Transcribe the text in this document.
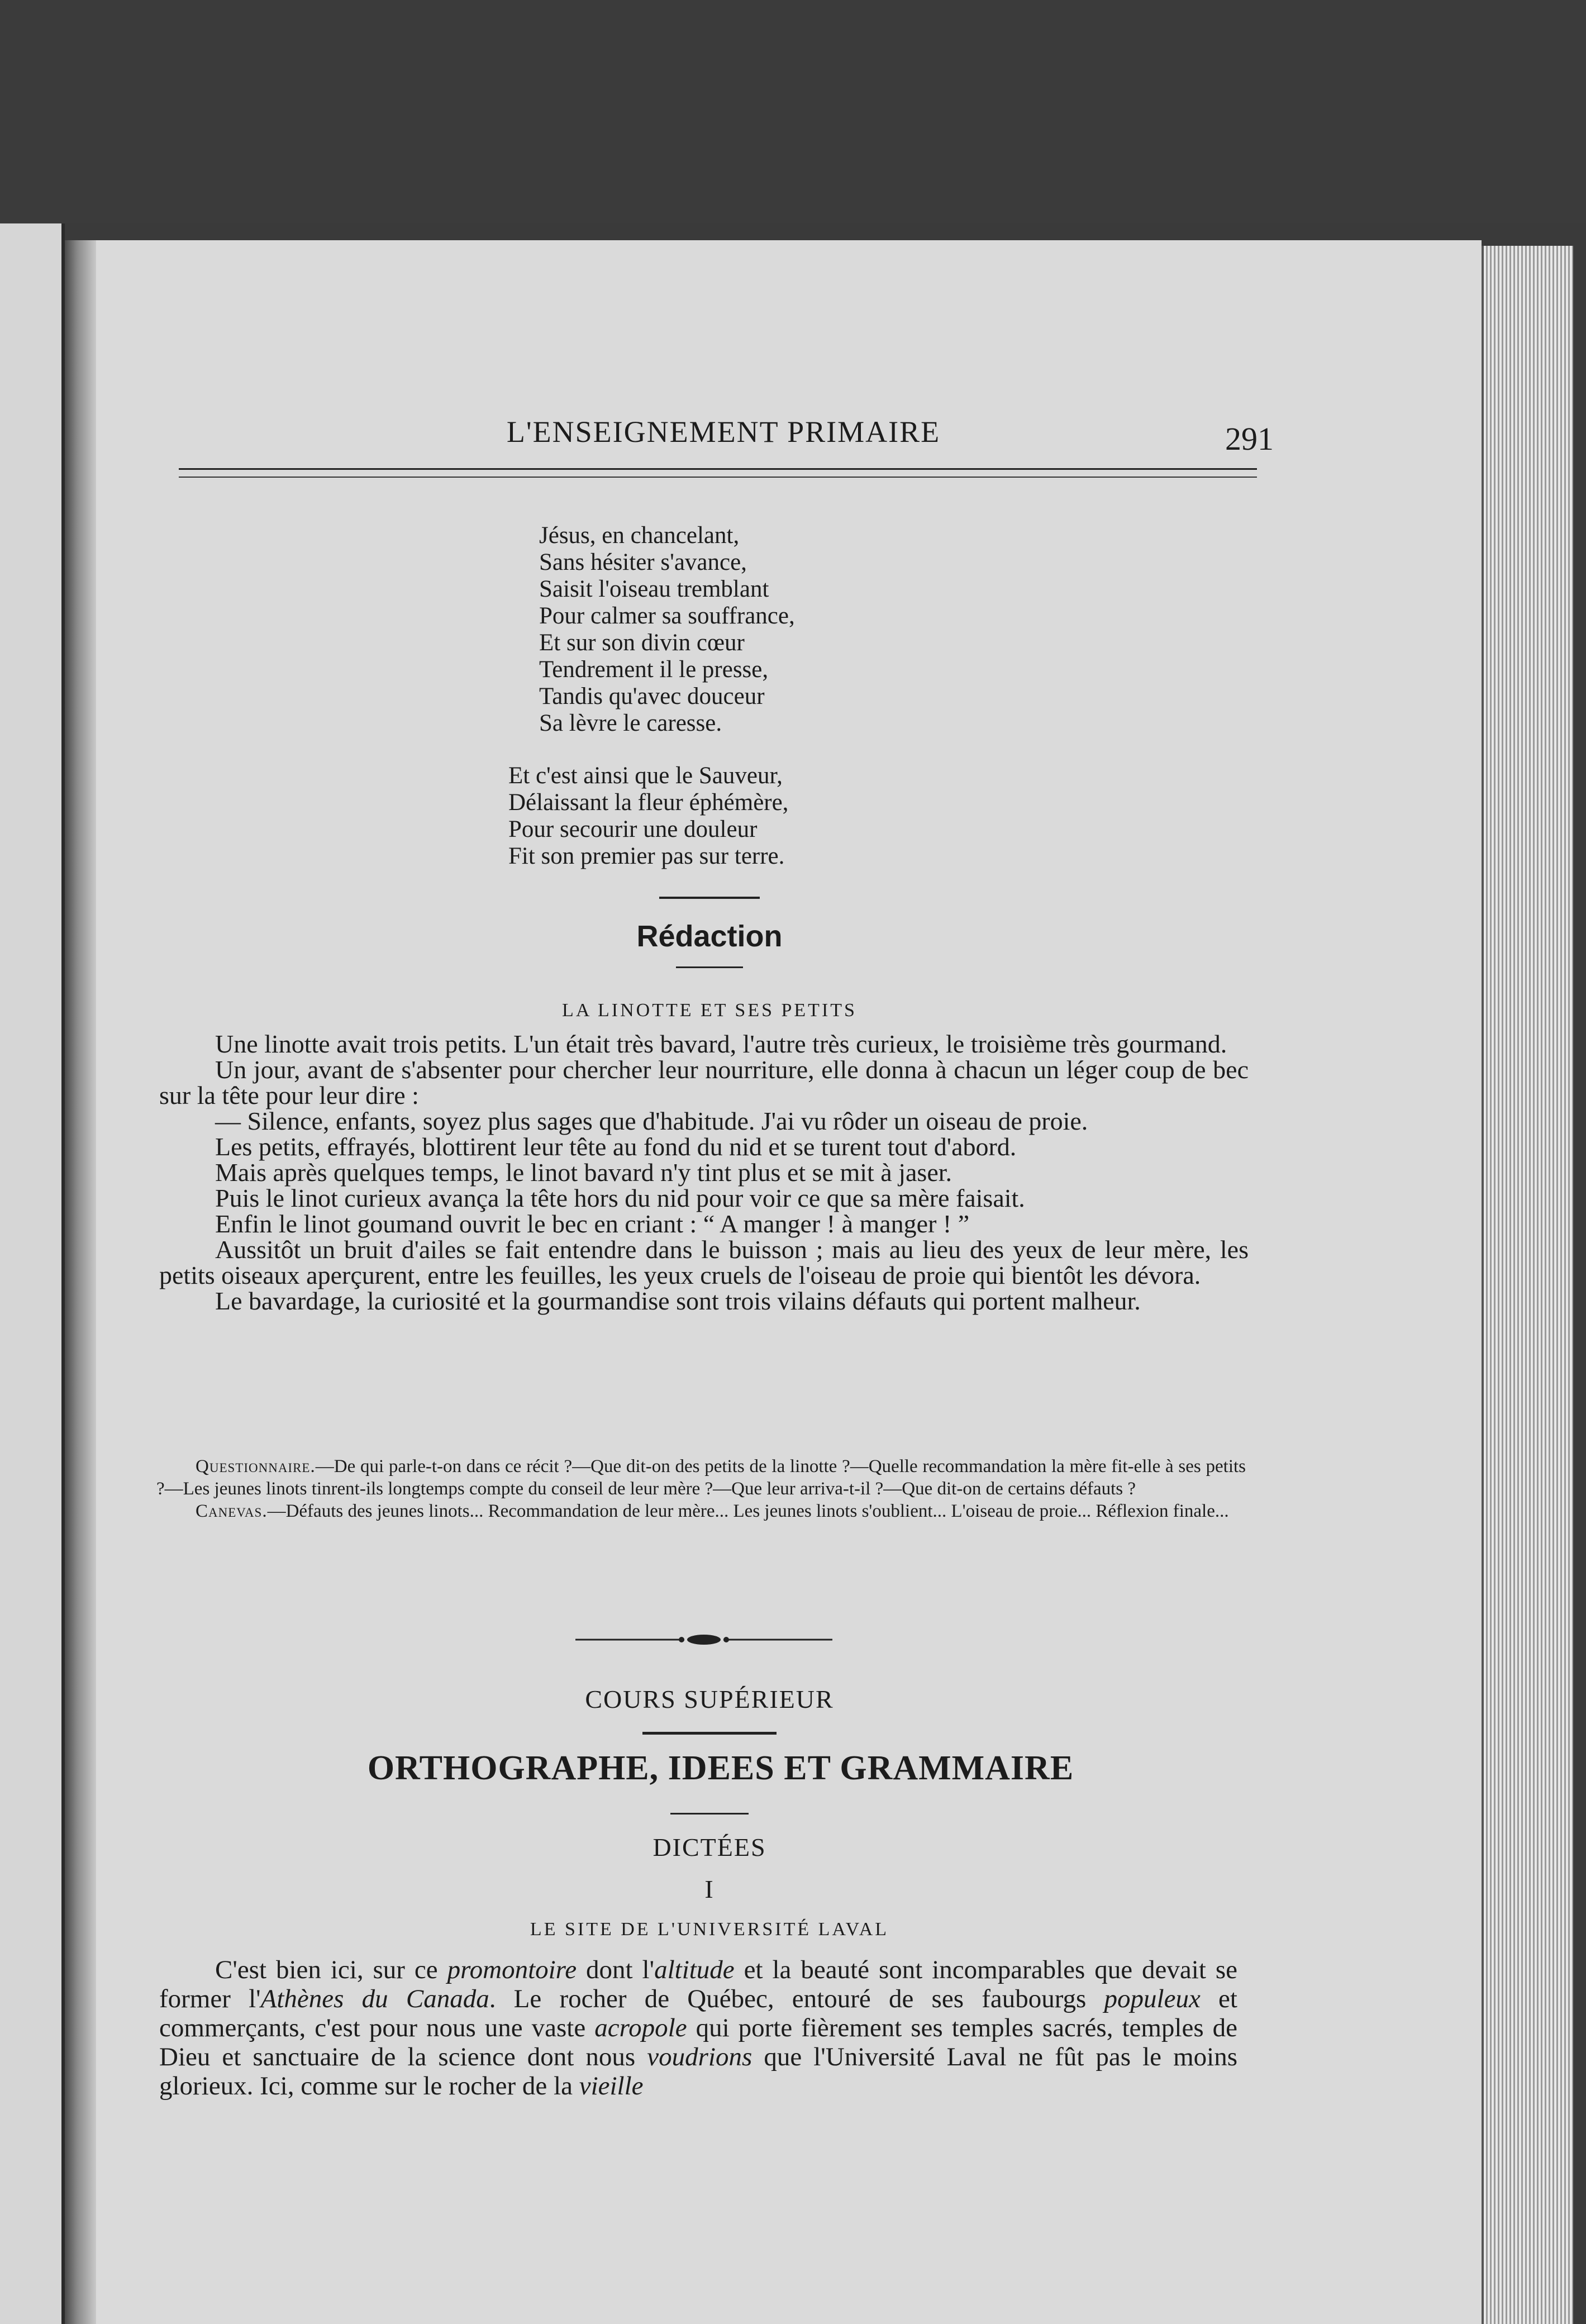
L'ENSEIGNEMENT PRIMAIRE	291
Jésus, en chancelant,
Sans hésiter s'avance,
Saisit l'oiseau tremblant
Pour calmer sa souffrance,
Et sur son divin cœur
Tendrement il le presse,
Tandis qu'avec douceur
Sa lèvre le caresse.
Et c'est ainsi que le Sauveur,
Délaissant la fleur éphémère,
Pour secourir une douleur
Fit son premier pas sur terre.
Rédaction
LA LINOTTE ET SES PETITS

Une linotte avait trois petits. L'un était très bavard, l'autre très curieux, le troisième très gourmand.

Un jour, avant de s'absenter pour chercher leur nourriture, elle donna à chacun un léger coup de bec sur la tête pour leur dire :

— Silence, enfants, soyez plus sages que d'habitude. J'ai vu rôder un oiseau de proie.

Les petits, effrayés, blottirent leur tête au fond du nid et se turent tout d'abord.

Mais après quelques temps, le linot bavard n'y tint plus et se mit à jaser.

Puis le linot curieux avança la tête hors du nid pour voir ce que sa mère faisait.

Enfin le linot goumand ouvrit le bec en criant : “ A manger ! à manger ! ”

Aussitôt un bruit d'ailes se fait entendre dans le buisson ; mais au lieu des yeux de leur mère, les petits oiseaux aperçurent, entre les feuilles, les yeux cruels de l'oiseau de proie qui bientôt les dévora.

Le bavardage, la curiosité et la gourmandise sont trois vilains défauts qui portent malheur.

Questionnaire.—De qui parle-t-on dans ce récit ?—Que dit-on des petits de la linotte ?—Quelle recommandation la mère fit-elle à ses petits ?—Les jeunes linots tinrent-ils longtemps compte du conseil de leur mère ?—Que leur arriva-t-il ?—Que dit-on de certains défauts ?

Canevas.—Défauts des jeunes linots... Recommandation de leur mère... Les jeunes linots s'oublient... L'oiseau de proie... Réflexion finale...

COURS SUPÉRIEUR
ORTHOGRAPHE, IDEES ET GRAMMAIRE
DICTÉES
I
LE SITE DE L'UNIVERSITÉ LAVAL

C'est bien ici, sur ce promontoire dont l'altitude et la beauté sont incomparables que devait se former l'Athènes du Canada. Le rocher de Québec, entouré de ses faubourgs populeux et commerçants, c'est pour nous une vaste acropole qui porte fièrement ses temples sacrés, temples de Dieu et sanctuaire de la science dont nous voudrions que l'Université Laval ne fût pas le moins glorieux. Ici, comme sur le rocher de la vieille
